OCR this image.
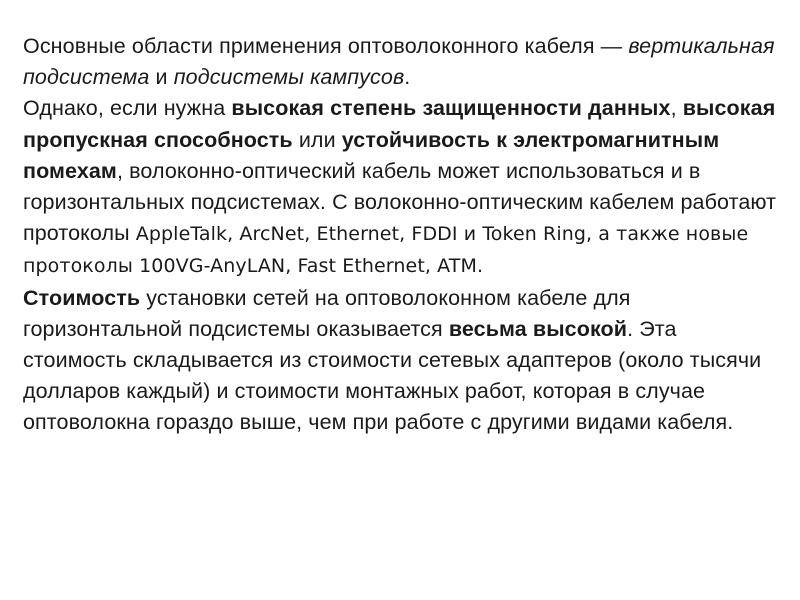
Основные области применения оптоволоконного кабеля — вертикальная подсистема и подсистемы кампусов.
Однако, если нужна высокая степень защищенности данных, высокая пропускная способность или устойчивость к электромагнитным помехам, волоконно-оптический кабель может использоваться и в горизонтальных подсистемах. С волоконно-оптическим кабелем работают протоколы AppleTalk, ArcNet, Ethernet, FDDI и Token Ring, а также новые протоколы 100VG-AnyLAN, Fast Ethernet, ATM.

Стоимость установки сетей на оптоволоконном кабеле для горизонтальной подсистемы оказывается весьма высокой. Эта стоимость складывается из стоимости сетевых адаптеров (около тысячи долларов каждый) и стоимости монтажных работ, которая в случае оптоволокна гораздо выше, чем при работе с другими видами кабеля.
